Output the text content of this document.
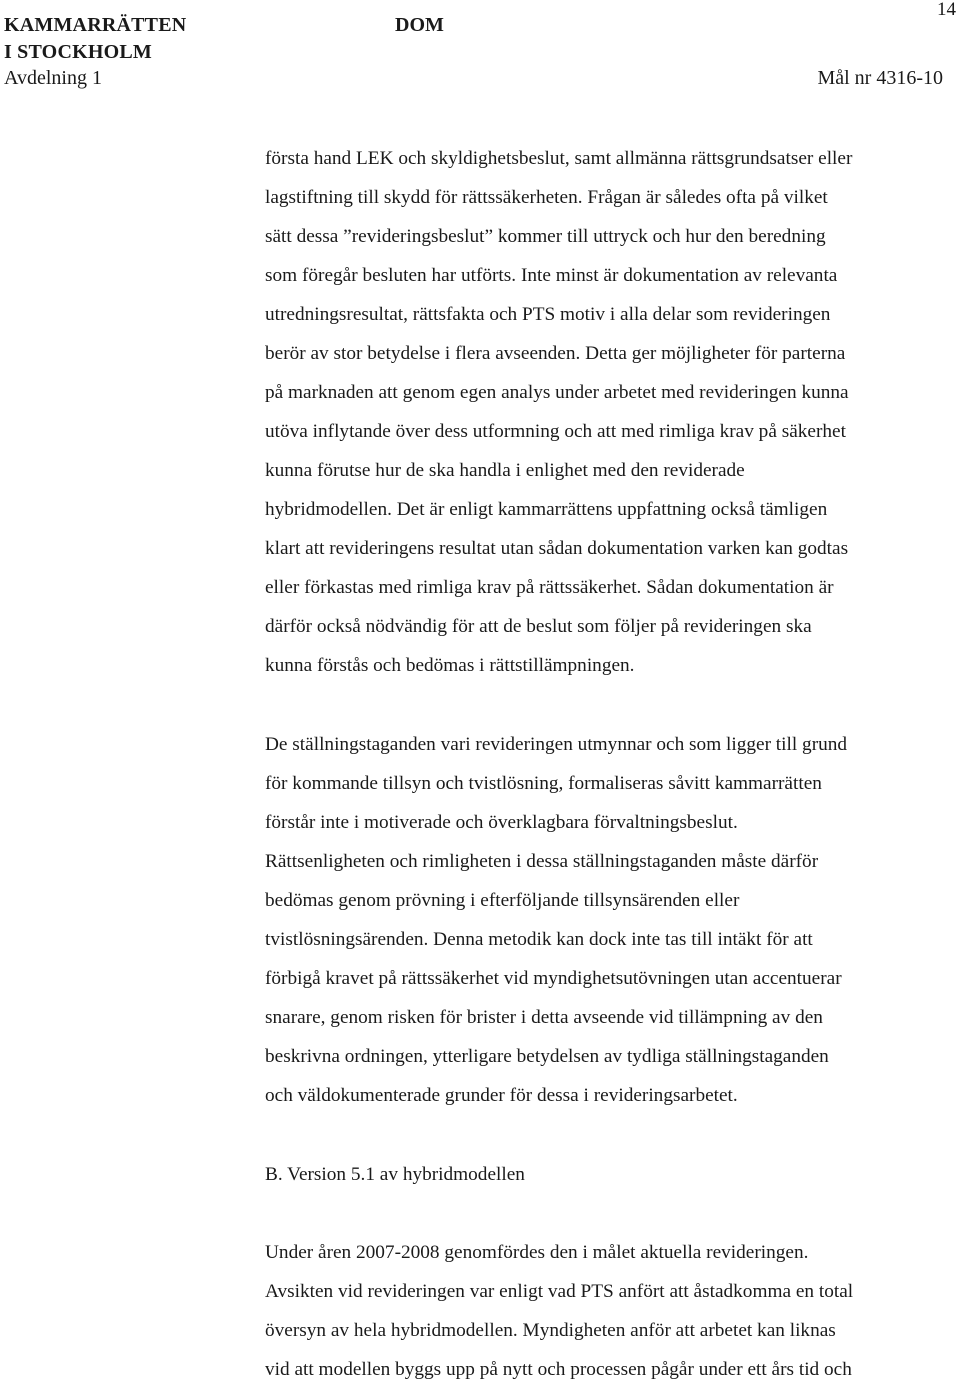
14
KAMMARRÄTTEN
I STOCKHOLM
DOM
Avdelning 1	Mål nr 4316-10
första hand LEK och skyldighetsbeslut, samt allmänna rättsgrundsatser eller
lagstiftning till skydd för rättssäkerheten. Frågan är således ofta på vilket
sätt dessa ”revideringsbeslut” kommer till uttryck och hur den beredning
som föregår besluten har utförts. Inte minst är dokumentation av relevanta
utredningsresultat, rättsfakta och PTS motiv i alla delar som revideringen
berör av stor betydelse i flera avseenden. Detta ger möjligheter för parterna
på marknaden att genom egen analys under arbetet med revideringen kunna
utöva inflytande över dess utformning och att med rimliga krav på säkerhet
kunna förutse hur de ska handla i enlighet med den reviderade
hybridmodellen. Det är enligt kammarrättens uppfattning också tämligen
klart att revideringens resultat utan sådan dokumentation varken kan godtas
eller förkastas med rimliga krav på rättssäkerhet. Sådan dokumentation är
därför också nödvändig för att de beslut som följer på revideringen ska
kunna förstås och bedömas i rättstillämpningen.
De ställningstaganden vari revideringen utmynnar och som ligger till grund
för kommande tillsyn och tvistlösning, formaliseras såvitt kammarrätten
förstår inte i motiverade och överklagbara förvaltningsbeslut.
Rättsenligheten och rimligheten i dessa ställningstaganden måste därför
bedömas genom prövning i efterföljande tillsynsärenden eller
tvistlösningsärenden. Denna metodik kan dock inte tas till intäkt för att
förbigå kravet på rättssäkerhet vid myndighetsutövningen utan accentuerar
snarare, genom risken för brister i detta avseende vid tillämpning av den
beskrivna ordningen, ytterligare betydelsen av tydliga ställningstaganden
och väldokumenterade grunder för dessa i revideringsarbetet.
B. Version 5.1 av hybridmodellen
Under åren 2007-2008 genomfördes den i målet aktuella revideringen.
Avsikten vid revideringen var enligt vad PTS anfört att åstadkomma en total
översyn av hela hybridmodellen. Myndigheten anför att arbetet kan liknas
vid att modellen byggs upp på nytt och processen pågår under ett års tid och
